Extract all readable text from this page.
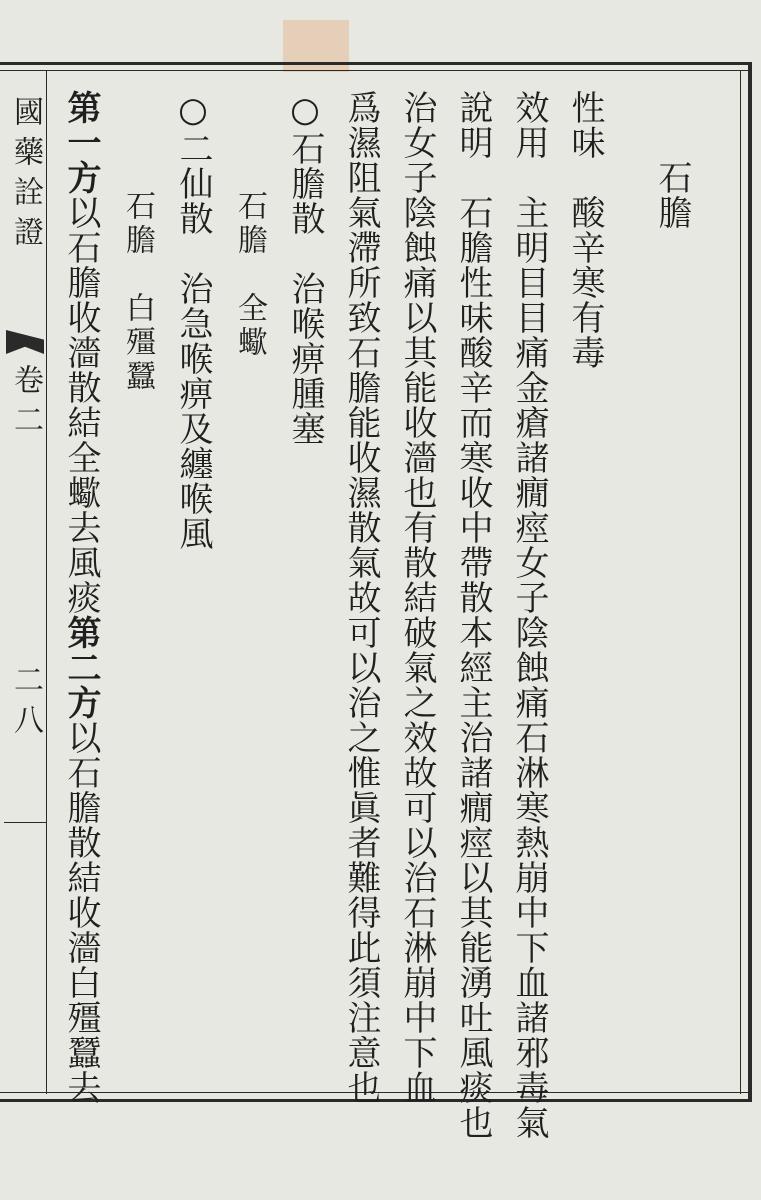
國藥詮證
卷二
二八
石膽
性味　酸辛寒有毒
效用　主明目目痛金瘡諸癇痙女子陰蝕痛石淋寒熱崩中下血諸邪毒氣
說明　石膽性味酸辛而寒收中帶散本經主治諸癇痙以其能湧吐風痰也
治女子陰蝕痛以其能收濇也有散結破氣之效故可以治石淋崩中下血
爲濕阻氣滯所致石膽能收濕散氣故可以治之惟眞者難得此須注意也
○石膽散　治喉痹腫塞
石膽　全蠍
○二仙散　治急喉痹及纏喉風
石膽　白殭蠶
第一方以石膽收濇散結全蠍去風痰第二方以石膽散結收濇白殭蠶去
